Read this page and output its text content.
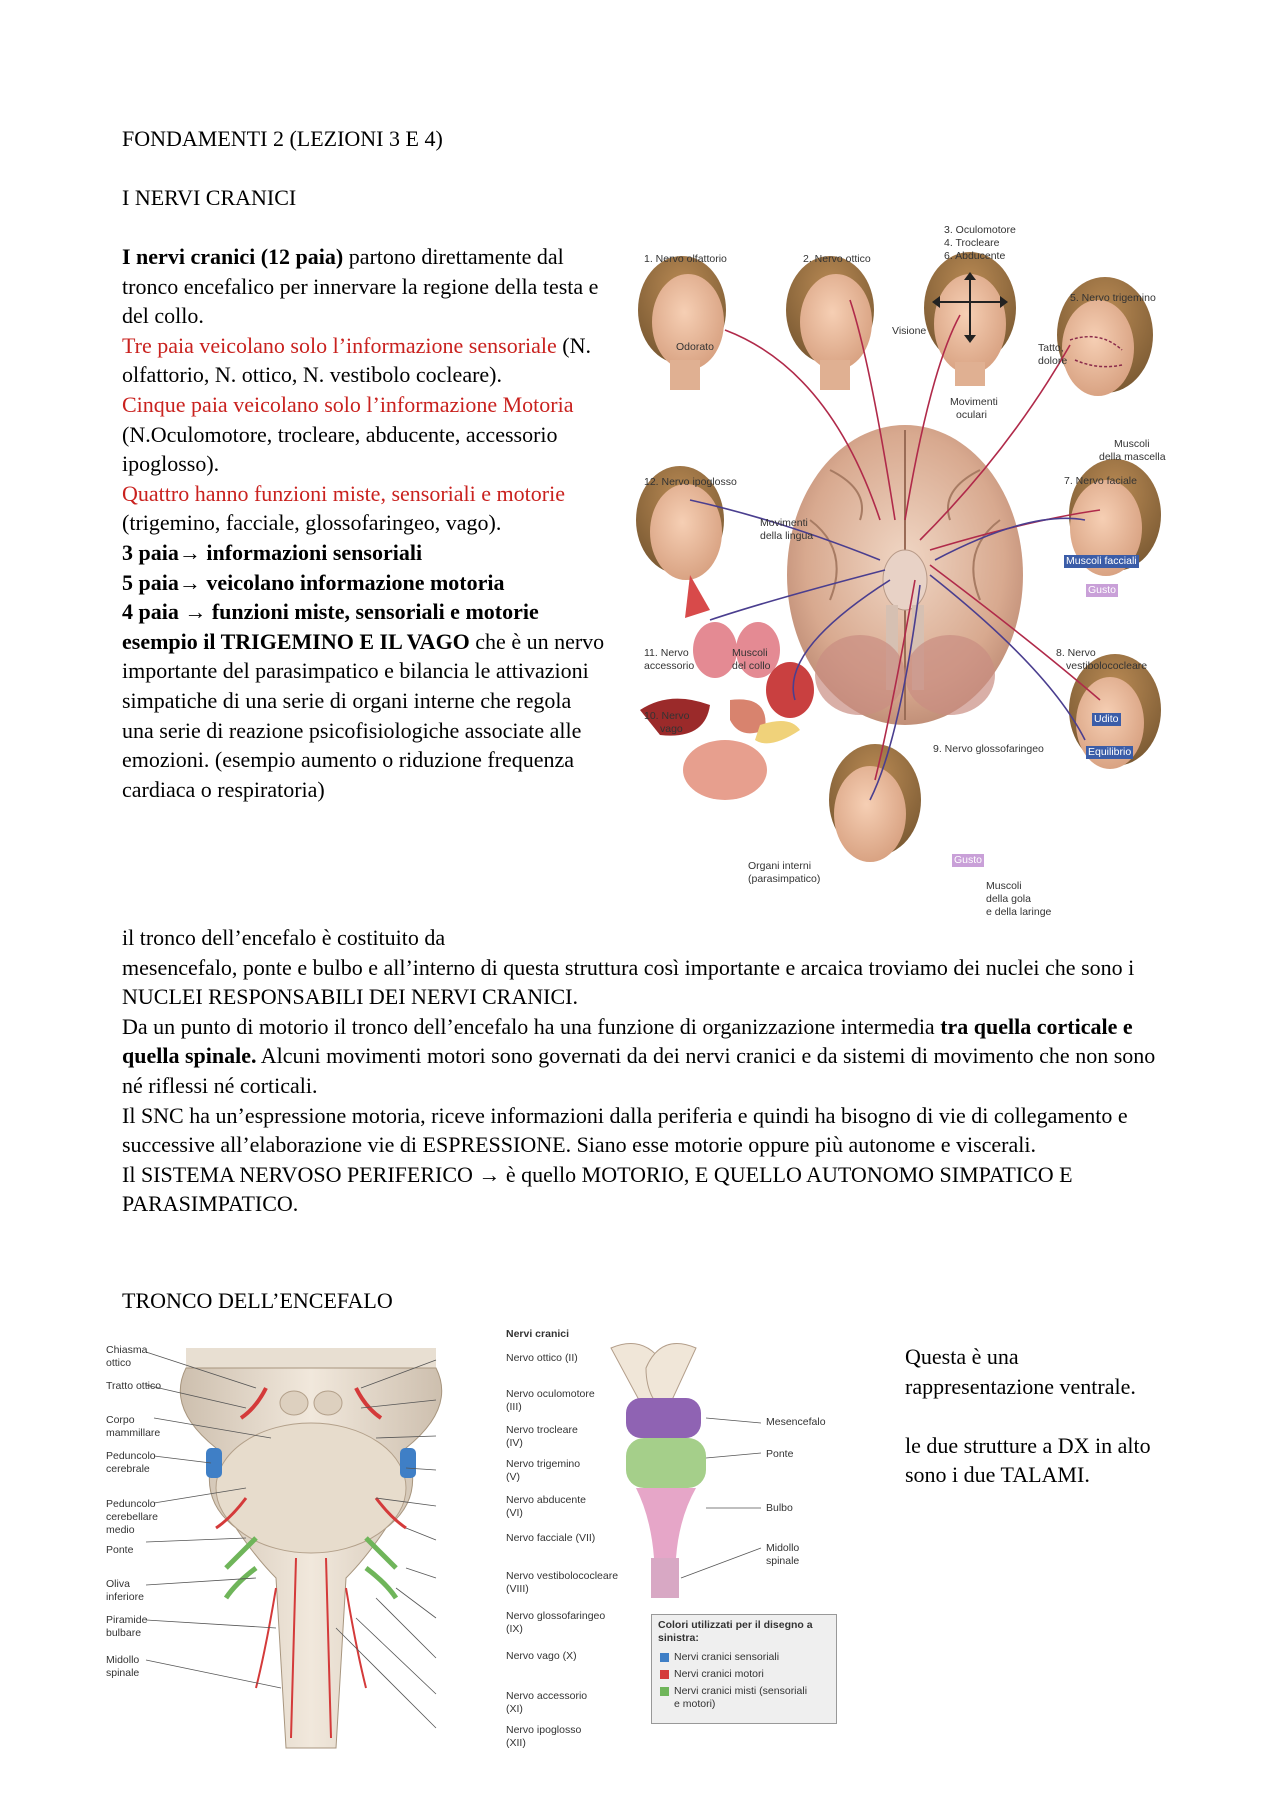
FONDAMENTI 2 (LEZIONI 3 E 4)
I NERVI CRANICI
I nervi cranici (12 paia) partono direttamente dal tronco encefalico per innervare la regione della testa e del collo.
Tre paia veicolano solo l’informazione sensoriale (N. olfattorio, N. ottico, N. vestibolo cocleare).
Cinque paia veicolano solo l’informazione Motoria (N.Oculomotore, trocleare, abducente, accessorio ipoglosso).
Quattro hanno funzioni miste, sensoriali e motorie (trigemino, facciale, glossofaringeo, vago).
3 paia→ informazioni sensoriali
5 paia→ veicolano informazione motoria
4 paia → funzioni miste, sensoriali e motorie esempio il TRIGEMINO E IL VAGO che è un nervo importante del parasimpatico e bilancia le attivazioni simpatiche di una serie di organi interne che regola una serie di reazione psicofisiologiche associate alle emozioni. (esempio aumento o riduzione frequenza cardiaca o respiratoria)
il tronco dell’encefalo è costituito da
mesencefalo, ponte e bulbo e all’interno di questa struttura così importante e arcaica troviamo dei nuclei che sono i NUCLEI RESPONSABILI DEI NERVI CRANICI.
Da un punto di motorio il tronco dell’encefalo ha una funzione di organizzazione intermedia tra quella corticale e quella spinale. Alcuni movimenti motori sono governati da dei nervi cranici e da sistemi di movimento che non sono né riflessi né corticali.
Il SNC ha un’espressione motoria, riceve informazioni dalla periferia e quindi ha bisogno di vie di collegamento e successive all’elaborazione vie di ESPRESSIONE. Siano esse motorie oppure più autonome e viscerali.
Il SISTEMA NERVOSO PERIFERICO → è quello MOTORIO, E QUELLO AUTONOMO SIMPATICO E PARASIMPATICO.
TRONCO DELL’ENCEFALO
Questa è una rappresentazione ventrale.

le due strutture a DX in alto sono i due TALAMI.
1. Nervo olfattorio	2. Nervo ottico
3. Oculomotore
4. Trocleare
6. Abducente
5. Nervo trigemino
Odorato
Visione
Tatto,
dolore
Movimenti
oculari
Muscoli
della mascella
12. Nervo ipoglosso	7. Nervo faciale
Movimenti
della lingua
Muscoli facciali
Gusto
11. Nervo
accessorio
Muscoli
del collo
8. Nervo
vestibolococleare
10. Nervo
vago
Udito
Equilibrio
9. Nervo glossofaringeo
Organi interni
(parasimpatico)
Gusto
Muscoli
della gola
e della laringe
Chiasma ottico
Tratto ottico
Corpo mammillare
Peduncolo cerebrale
Peduncolo cerebellare medio
Ponte
Oliva inferiore
Piramide bulbare
Midollo spinale
Nervi cranici
Nervo ottico (II)
Nervo oculomotore (III)
Nervo trocleare (IV)
Nervo trigemino (V)
Nervo abducente (VI)
Nervo facciale (VII)
Nervo vestibolococleare (VIII)
Nervo glossofaringeo (IX)
Nervo vago (X)
Nervo accessorio (XI)
Nervo ipoglosso (XII)
Mesencefalo
Ponte
Bulbo
Midollo spinale
Colori utilizzati per il disegno a sinistra:
Nervi cranici sensoriali
Nervi cranici motori
Nervi cranici misti (sensoriali e motori)
